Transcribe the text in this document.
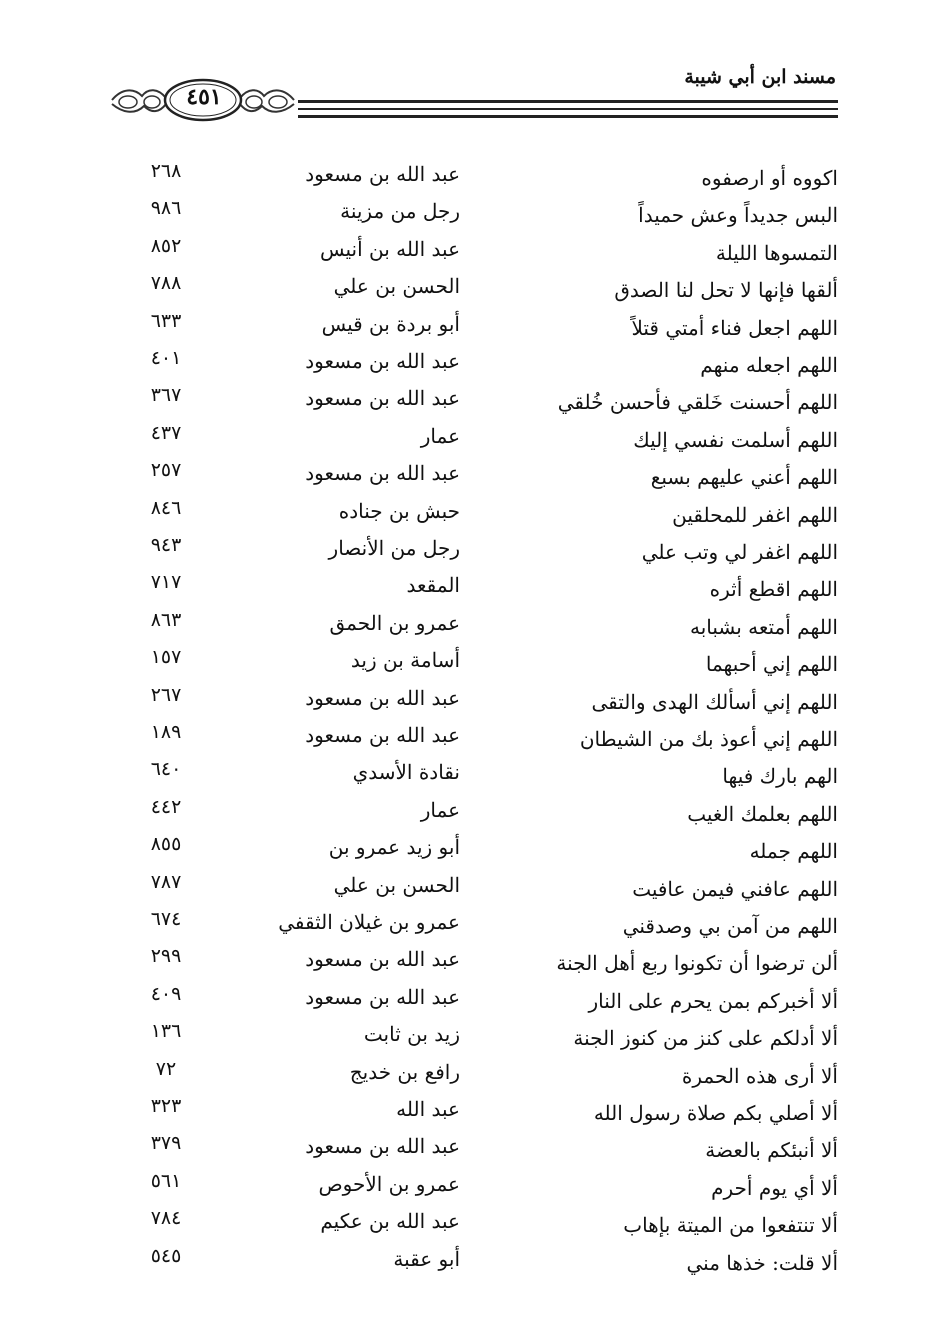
مسند ابن أبي شيبة
٤٥١
اكووه أو ارصفوه
عبد الله بن مسعود
٢٦٨
البس جديداً وعش حميداً
رجل من مزينة
٩٨٦
التمسوها الليلة
عبد الله بن أنيس
٨٥٢
ألقها فإنها لا تحل لنا الصدق
الحسن بن علي
٧٨٨
اللهم اجعل فناء أمتي قتلاً
أبو بردة بن قيس
٦٣٣
اللهم اجعله منهم
عبد الله بن مسعود
٤٠١
اللهم أحسنت خَلقي فأحسن خُلقي
عبد الله بن مسعود
٣٦٧
اللهم أسلمت نفسي إليك
عمار
٤٣٧
اللهم أعني عليهم بسبع
عبد الله بن مسعود
٢٥٧
اللهم اغفر للمحلقين
حبش بن جناده
٨٤٦
اللهم اغفر لي وتب علي
رجل من الأنصار
٩٤٣
اللهم اقطع أثره
المقعد
٧١٧
اللهم أمتعه بشبابه
عمرو بن الحمق
٨٦٣
اللهم إني أحبهما
أسامة بن زيد
١٥٧
اللهم إني أسألك الهدى والتقى
عبد الله بن مسعود
٢٦٧
اللهم إني أعوذ بك من الشيطان
عبد الله بن مسعود
١٨٩
الهم بارك فيها
نقادة الأسدي
٦٤٠
اللهم بعلمك الغيب
عمار
٤٤٢
اللهم جمله
أبو زيد عمرو بن
٨٥٥
اللهم عافني فيمن عافيت
الحسن بن علي
٧٨٧
اللهم من آمن بي وصدقني
عمرو بن غيلان الثقفي
٦٧٤
ألن ترضوا أن تكونوا ربع أهل الجنة
عبد الله بن مسعود
٢٩٩
ألا أخبركم بمن يحرم على النار
عبد الله بن مسعود
٤٠٩
ألا أدلكم على كنز من كنوز الجنة
زيد بن ثابت
١٣٦
ألا أرى هذه الحمرة
رافع بن خديج
٧٢
ألا أصلي بكم صلاة رسول الله
عبد الله
٣٢٣
ألا أنبئكم بالعضة
عبد الله بن مسعود
٣٧٩
ألا أي يوم أحرم
عمرو بن الأحوص
٥٦١
ألا تنتفعوا من الميتة بإهاب
عبد الله بن عكيم
٧٨٤
ألا قلت: خذها مني
أبو عقبة
٥٤٥
